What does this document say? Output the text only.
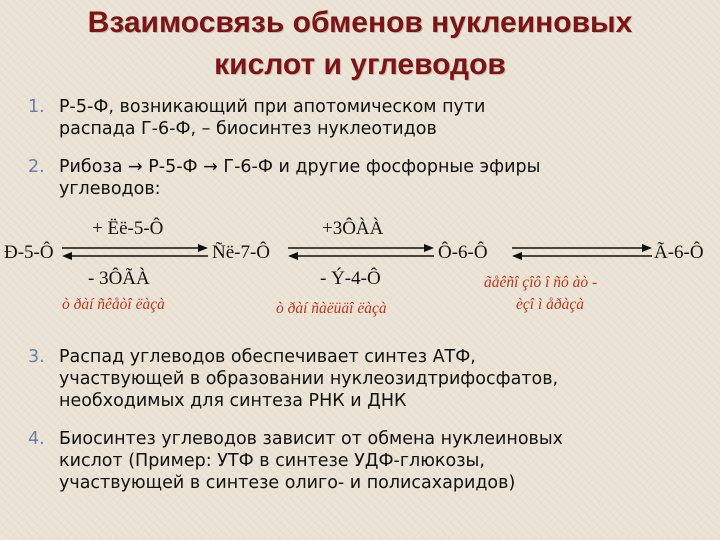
Взаимосвязь обменов нуклеиновых
кислот и углеводов

1. Р-5-Ф, возникающий при апотомическом пути
распада Г-6-Ф, – биосинтез нуклеотидов

2. Рибоза → Р-5-Ф → Г-6-Ф и другие фосфорные эфиры
углеводов:

Ð-5-Ô	Ñë-7-Ô	Ô-6-Ô	Ã-6-Ô
+ Ëë-5-Ô	+3ÔÀÀ
- 3ÔÃÀ	- Ý-4-Ô
ò ðàí ñêåòî ëàçà	ò ðàí ñàëüäî ëàçà
ãåêñî çîô î ñô àò -
èçî ì åðàçà

3. Распад углеводов обеспечивает синтез АТФ,
участвующей в образовании нуклеозидтрифосфатов,
необходимых для синтеза РНК и ДНК

4. Биосинтез углеводов зависит от обмена нуклеиновых
кислот (Пример: УТФ в синтезе УДФ-глюкозы,
участвующей в синтезе олиго- и полисахаридов)
